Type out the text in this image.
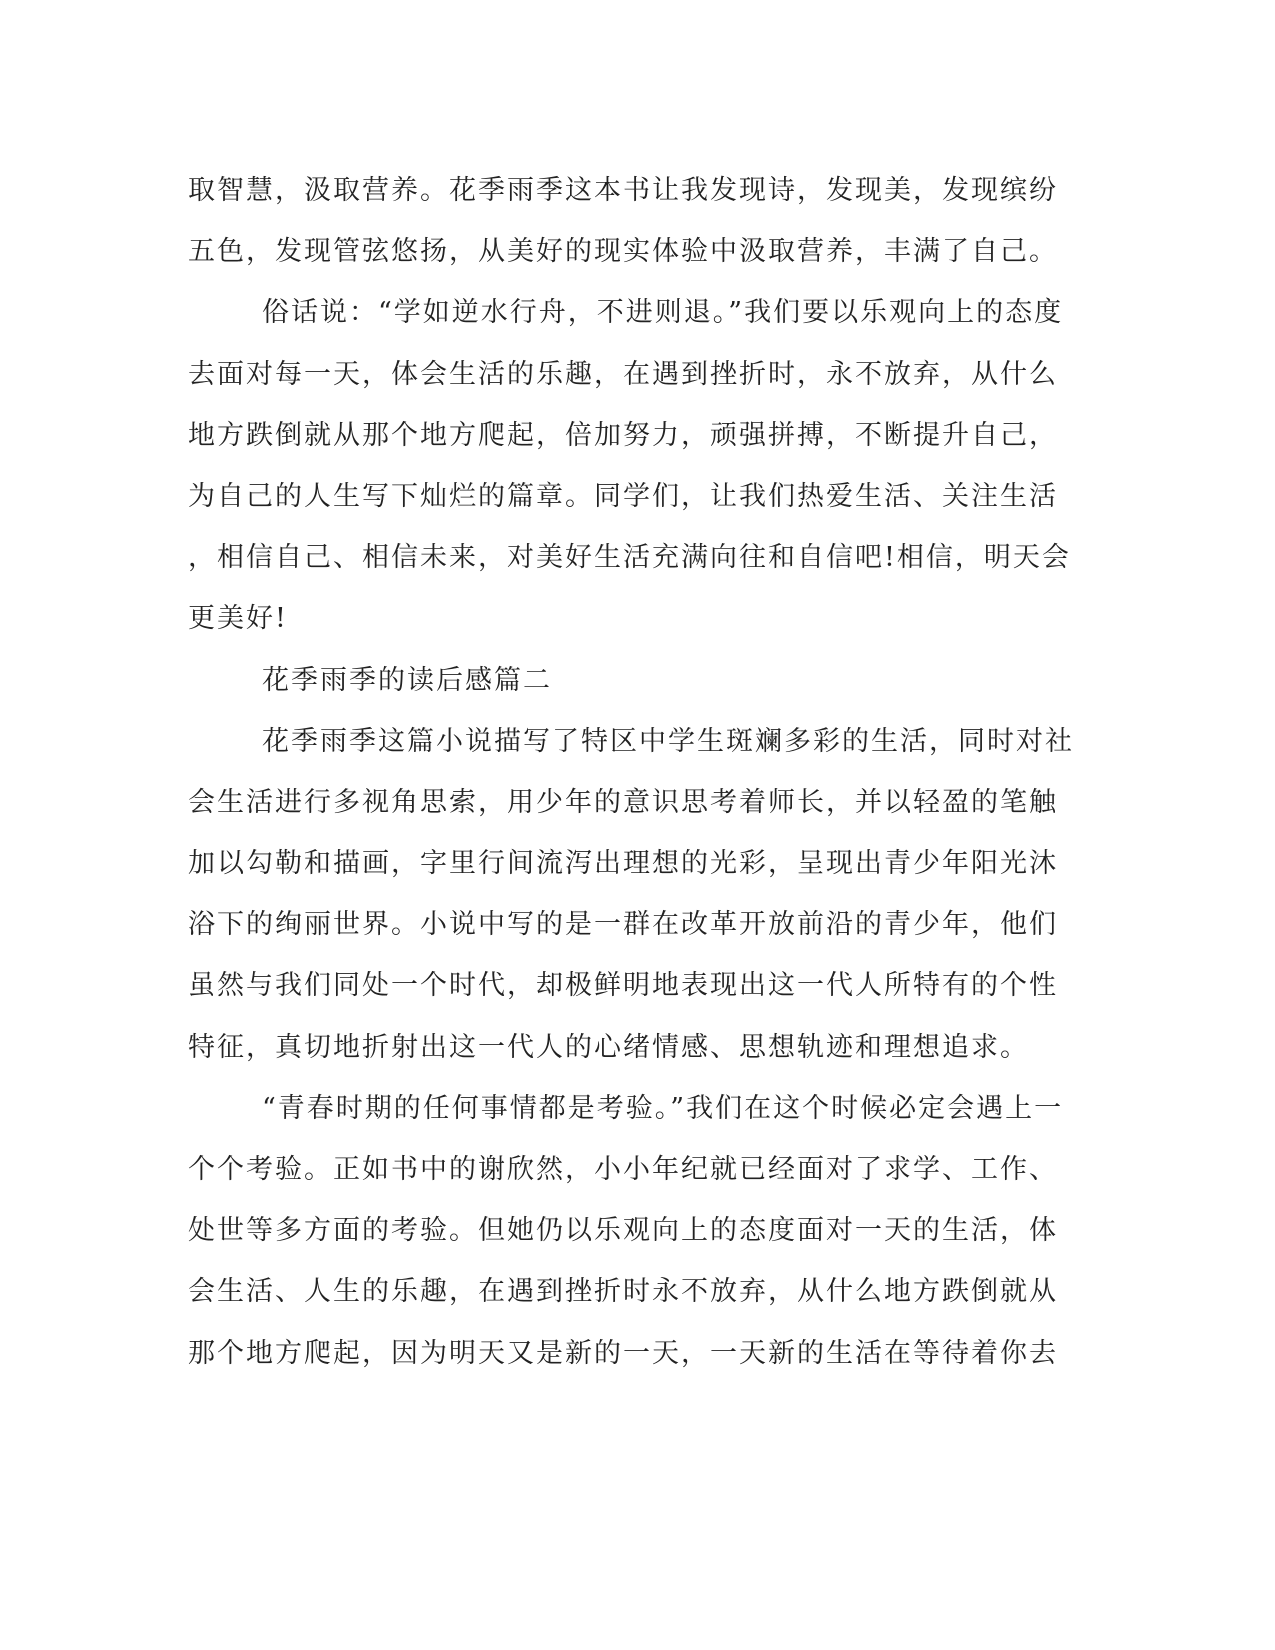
取智慧，汲取营养。花季雨季这本书让我发现诗，发现美，发现缤纷
五色，发现管弦悠扬，从美好的现实体验中汲取营养，丰满了自己。
俗话说：“学如逆水行舟，不进则退。”我们要以乐观向上的态度
去面对每一天，体会生活的乐趣，在遇到挫折时，永不放弃，从什么
地方跌倒就从那个地方爬起，倍加努力，顽强拼搏，不断提升自己，
为自己的人生写下灿烂的篇章。同学们，让我们热爱生活、关注生活
，相信自己、相信未来，对美好生活充满向往和自信吧!相信，明天会
更美好!
花季雨季的读后感篇二
花季雨季这篇小说描写了特区中学生斑斓多彩的生活，同时对社
会生活进行多视角思索，用少年的意识思考着师长，并以轻盈的笔触
加以勾勒和描画，字里行间流泻出理想的光彩，呈现出青少年阳光沐
浴下的绚丽世界。小说中写的是一群在改革开放前沿的青少年，他们
虽然与我们同处一个时代，却极鲜明地表现出这一代人所特有的个性
特征，真切地折射出这一代人的心绪情感、思想轨迹和理想追求。
“青春时期的任何事情都是考验。”我们在这个时候必定会遇上一
个个考验。正如书中的谢欣然，小小年纪就已经面对了求学、工作、
处世等多方面的考验。但她仍以乐观向上的态度面对一天的生活，体
会生活、人生的乐趣，在遇到挫折时永不放弃，从什么地方跌倒就从
那个地方爬起，因为明天又是新的一天，一天新的生活在等待着你去
